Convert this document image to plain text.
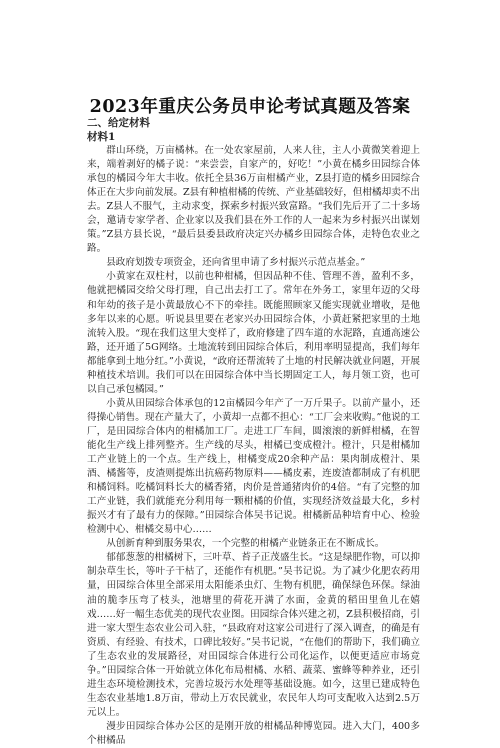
2023年重庆公务员申论考试真题及答案
二、给定材料
材料1

群山环绕，万亩橘林。在一处农家屋前，人来人往，主人小黄微笑着迎上来，端着剥好的橘子说：“来尝尝，自家产的，好吃！”小黄在橘乡田园综合体承包的橘园今年大丰收。依托全县36万亩柑橘产业，Z县打造的橘乡田园综合体正在大步向前发展。Z县有种植柑橘的传统、产业基础较好，但柑橘却卖不出去。Z县人不服气，主动求变，探索乡村振兴致富路。“我们先后开了二十多场会，邀请专家学者、企业家以及我们县在外工作的人一起来为乡村振兴出谋划策。”Z县方县长说，“最后县委县政府决定兴办橘乡田园综合体，走特色农业之路。

县政府划拨专项资金，还向省里申请了乡村振兴示范点基金。”

小黄家在双柱村，以前也种柑橘，但因品种不佳、管理不善，盈利不多，他就把橘园交给父母打理，自己出去打工了。常年在外务工，家里年迈的父母和年幼的孩子是小黄最放心不下的牵挂。既能照顾家又能实现就业增收，是他多年以来的心愿。听说县里要在老家兴办田园综合体，小黄赶紧把家里的土地流转入股。“现在我们这里大变样了，政府修建了四车道的水泥路，直通高速公路，还开通了5G网络。土地流转到田园综合体后，利用率明显提高，我们每年都能拿到土地分红。”小黄说，“政府还帮流转了土地的村民解决就业问题，开展种植技术培训。我们可以在田园综合体中当长期固定工人，每月领工资，也可以自己承包橘园。”

小黄从田园综合体承包的12亩橘园今年产了一万斤果子。以前产量小，还得操心销售。现在产量大了，小黄却一点都不担心：“工厂会来收购。”他说的工厂，是田园综合体内的柑橘加工厂。走进工厂车间，圆滚滚的新鲜柑橘，在智能化生产线上排列整齐。生产线的尽头，柑橘已变成橙汁。橙汁，只是柑橘加工产业链上的一个点。生产线上，柑橘变成20余种产品：果肉制成橙汁、果酒、橘酱等，皮渣则提炼出抗癌药物原料——橘皮素，连废渣都制成了有机肥和橘饲料。吃橘饲料长大的橘香猪，肉价是普通猪肉价的4倍。“有了完整的加工产业链，我们就能充分利用每一颗柑橘的价值，实现经济效益最大化，乡村振兴才有了最有力的保障。”田园综合体吴书记说。柑橘新品种培育中心、检验检测中心、柑橘交易中心……

从创新育种到服务果农，一个完整的柑橘产业链条正在不断成长。

郁郁葱葱的柑橘树下，三叶草、苔子正茂盛生长。“这是绿肥作物，可以抑制杂草生长，等叶子干枯了，还能作有机肥。”吴书记说。为了减少化肥农药用量，田园综合体里全部采用太阳能杀虫灯、生物有机肥，确保绿色环保。绿油油的脆李压弯了枝头，池塘里的荷花开满了水面，金黄的稻田里鱼儿在嬉戏……好一幅生态优美的现代农业图。田园综合体兴建之初，Z县积极招商，引进一家大型生态农业公司入驻，“县政府对这家公司进行了深入调查，的确是有资质、有经验、有技术，口碑比较好。”吴书记说，“在他们的帮助下，我们确立了生态农业的发展路径，对田园综合体进行公司化运作，以便更适应市场竞争。”田园综合体一开始就立体化布局柑橘、水稻、蔬菜、蜜蜂等种养业，还引进生态环境检测技术，完善垃圾污水处理等基础设施。如今，这里已建成特色生态农业基地1.8万亩，带动上万农民就业，农民年人均可支配收入达到2.5万元以上。

漫步田园综合体办公区的是刚开放的柑橘品种博览园。进入大门，400多个柑橘品
